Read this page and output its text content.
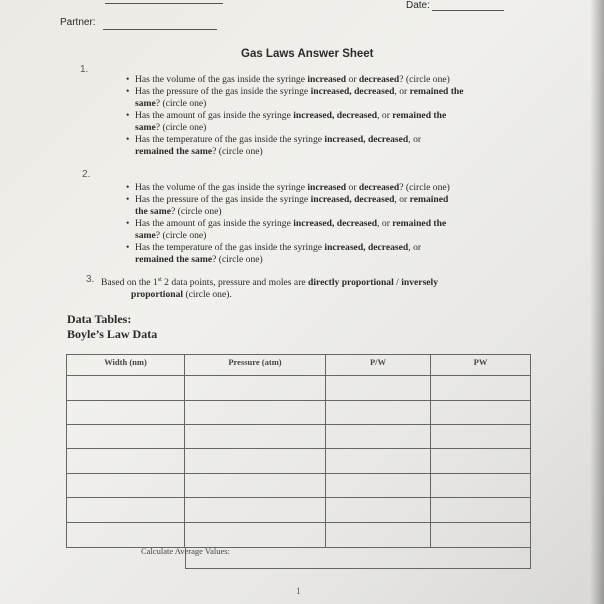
Date:
Partner:
Gas Laws Answer Sheet
1.
• Has the volume of the gas inside the syringe increased or decreased? (circle one)
• Has the pressure of the gas inside the syringe increased, decreased, or remained the
same? (circle one)
• Has the amount of gas inside the syringe increased, decreased, or remained the
same? (circle one)
• Has the temperature of the gas inside the syringe increased, decreased, or
remained the same? (circle one)
2.
• Has the volume of the gas inside the syringe increased or decreased? (circle one)
• Has the pressure of the gas inside the syringe increased, decreased, or remained
the same? (circle one)
• Has the amount of gas inside the syringe increased, decreased, or remained the
same? (circle one)
• Has the temperature of the gas inside the syringe increased, decreased, or
remained the same? (circle one)
3. Based on the 1st 2 data points, pressure and moles are directly proportional / inversely
proportional (circle one).
Data Tables:
Boyle’s Law Data
Width (nm)	Pressure (atm)	P/W	PW

Calculate Average Values:
1
